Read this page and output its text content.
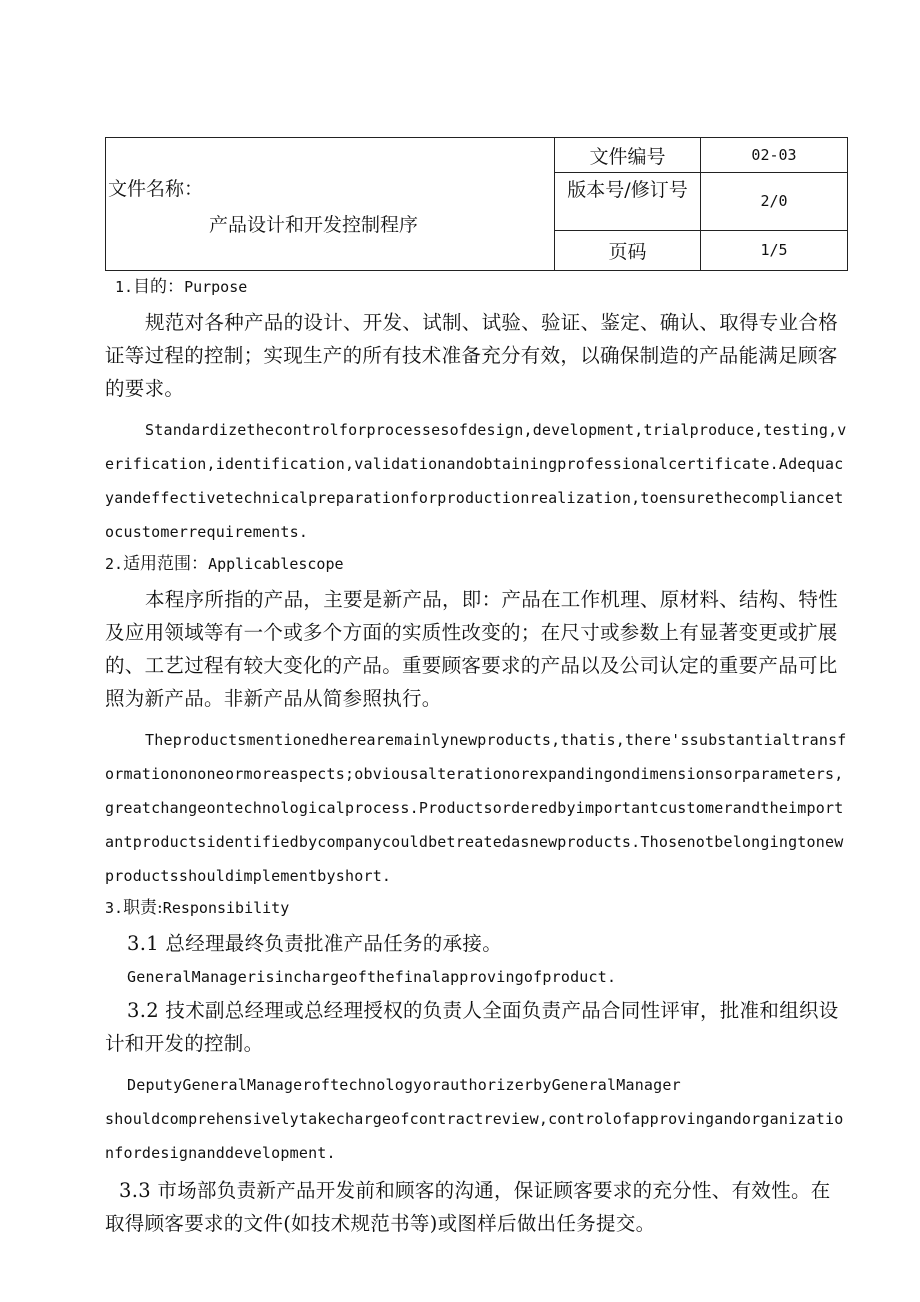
文件名称：
产品设计和开发控制程序	文件编号	02-03
	版本号/修订号	2/0
	页码	1/5

1.目的：Purpose

规范对各种产品的设计、开发、试制、试验、验证、鉴定、确认、取得专业合格证等过程的控制；实现生产的所有技术准备充分有效，以确保制造的产品能满足顾客的要求。

Standardizethecontrolforprocessesofdesign,development,trialproduce,testing,verification,identification,validationandobtainingprofessionalcertificate.Adequacyandeffectivetechnicalpreparationforproductionrealization,toensurethecompliancetocustomerrequirements.

2.适用范围：Applicablescope

本程序所指的产品，主要是新产品，即：产品在工作机理、原材料、结构、特性及应用领域等有一个或多个方面的实质性改变的；在尺寸或参数上有显著变更或扩展的、工艺过程有较大变化的产品。重要顾客要求的产品以及公司认定的重要产品可比照为新产品。非新产品从简参照执行。

Theproductsmentionedherearemainlynewproducts,thatis,there'ssubstantialtransformationononeormoreaspects;obviousalterationorexpandingondimensionsorparameters,greatchangeontechnologicalprocess.Productsorderedbyimportantcustomerandtheimportantproductsidentifiedbycompanycouldbetreatedasnewproducts.Thosenotbelongingtonewproductsshouldimplementbyshort.

3.职责:Responsibility

3.1 总经理最终负责批准产品任务的承接。

GeneralManagerisinchargeofthefinalapprovingofproduct.

3.2 技术副总经理或总经理授权的负责人全面负责产品合同性评审，批准和组织设计和开发的控制。

DeputyGeneralManageroftechnologyorauthorizerbyGeneralManager

shouldcomprehensivelytakechargeofcontractreview,controlofapprovingandorganizationfordesignanddevelopment.

3.3 市场部负责新产品开发前和顾客的沟通，保证顾客要求的充分性、有效性。在取得顾客要求的文件(如技术规范书等)或图样后做出任务提交。
